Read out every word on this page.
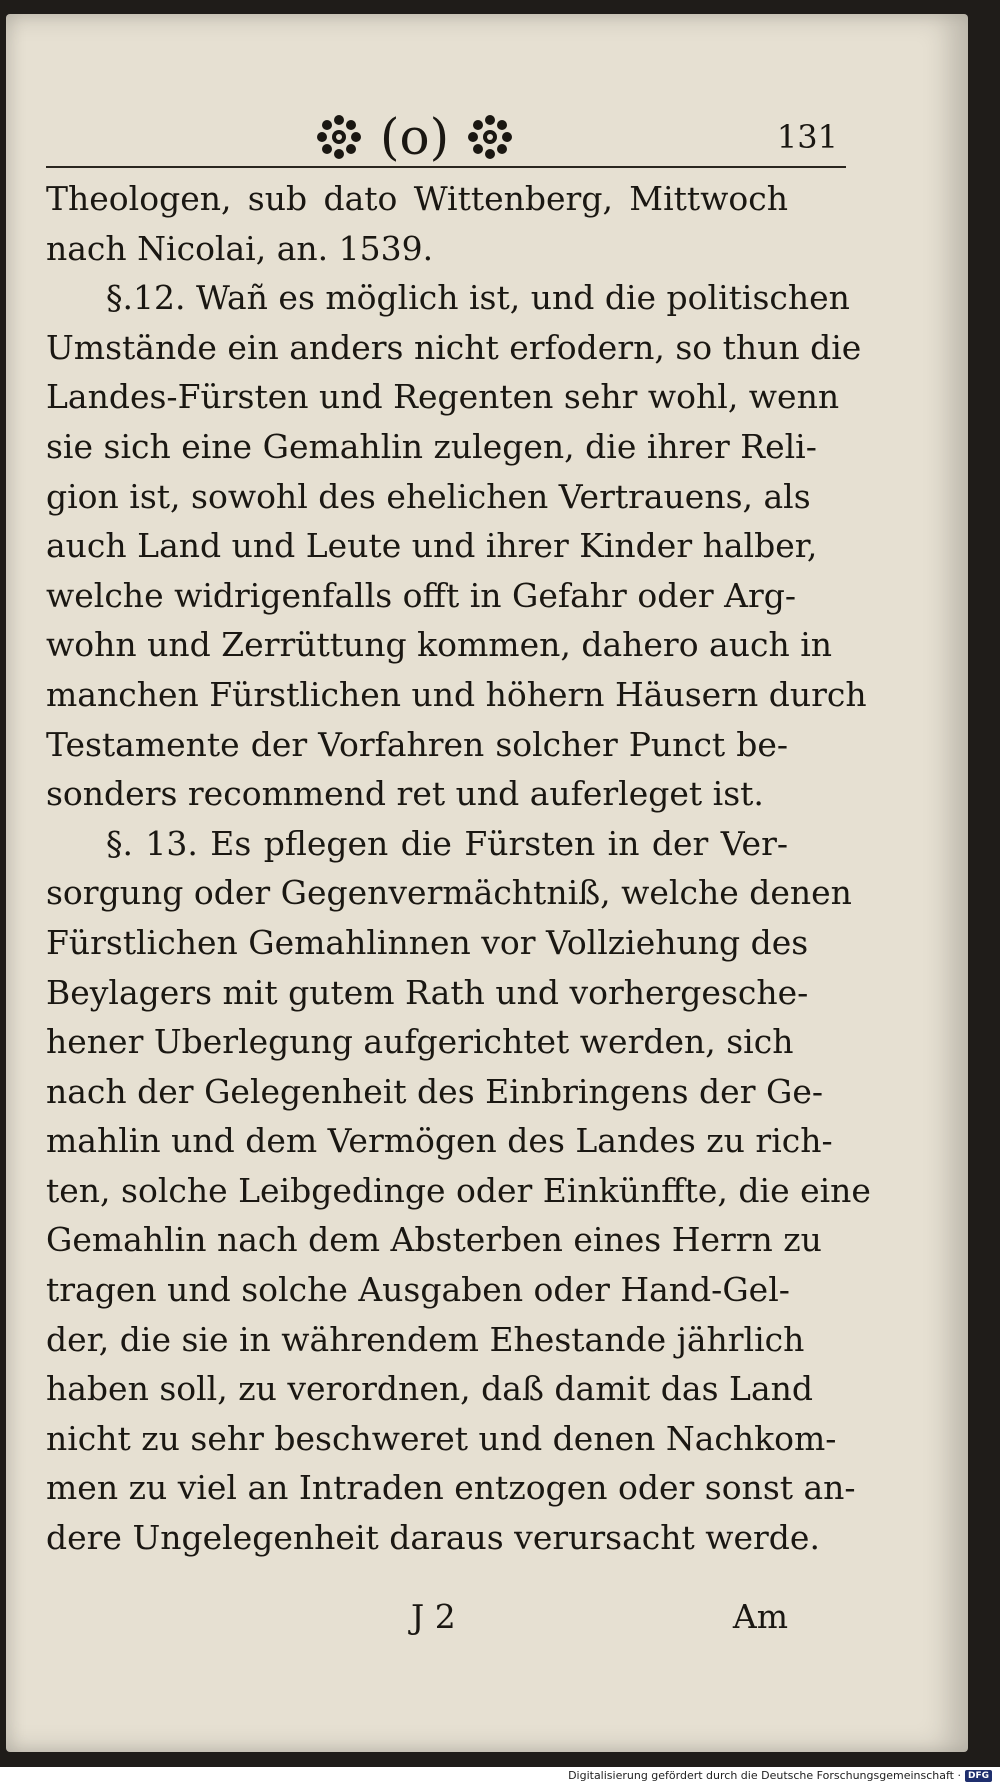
(o)	131
Theologen, sub dato Wittenberg, Mittwoch
nach Nicolai, an. 1539.
§.12. Wañ es möglich ist, und die politischen
Umstände ein anders nicht erfodern, so thun die
Landes-Fürsten und Regenten sehr wohl, wenn
sie sich eine Gemahlin zulegen, die ihrer Reli-
gion ist, sowohl des ehelichen Vertrauens, als
auch Land und Leute und ihrer Kinder halber,
welche widrigenfalls offt in Gefahr oder Arg-
wohn und Zerrüttung kommen, dahero auch in
manchen Fürstlichen und höhern Häusern durch
Testamente der Vorfahren solcher Punct be-
sonders recommend ret und auferleget ist.
§. 13. Es pflegen die Fürsten in der Ver-
sorgung oder Gegenvermächtniß, welche denen
Fürstlichen Gemahlinnen vor Vollziehung des
Beylagers mit gutem Rath und vorhergesche-
hener Uberlegung aufgerichtet werden, sich
nach der Gelegenheit des Einbringens der Ge-
mahlin und dem Vermögen des Landes zu rich-
ten, solche Leibgedinge oder Einkünffte, die eine
Gemahlin nach dem Absterben eines Herrn zu
tragen und solche Ausgaben oder Hand-Gel-
der, die sie in währendem Ehestande jährlich
haben soll, zu verordnen, daß damit das Land
nicht zu sehr beschweret und denen Nachkom-
men zu viel an Intraden entzogen oder sonst an-
dere Ungelegenheit daraus verursacht werde.
J 2	Am
Digitalisierung gefördert durch die Deutsche Forschungsgemeinschaft · DFG
